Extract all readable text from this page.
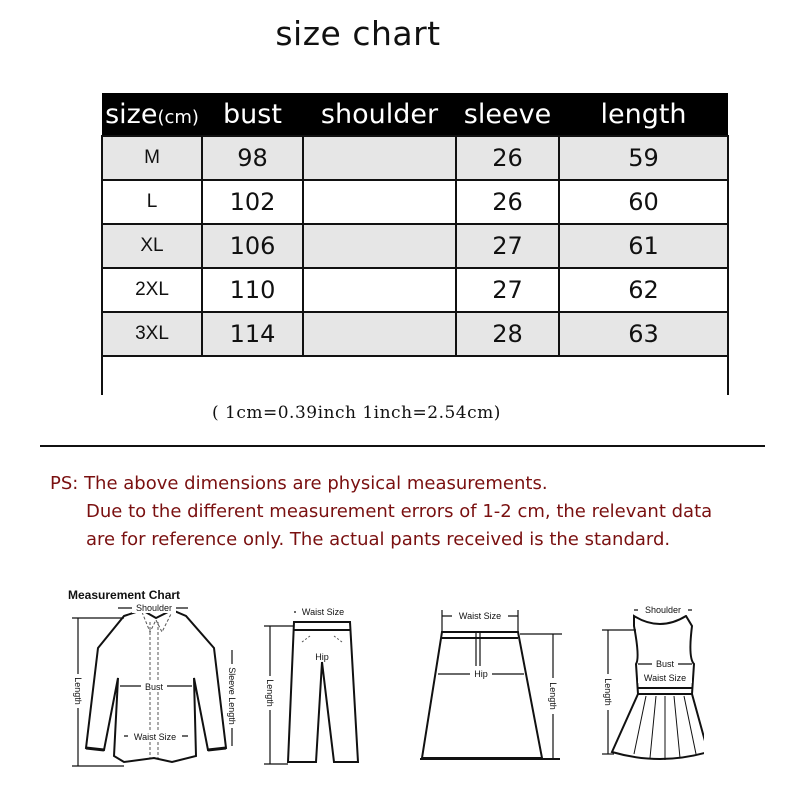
size chart
size(cm)	bust	shoulder	sleeve	length
M	98		26	59
L	102		26	60
XL	106		27	61
2XL	110		27	62
3XL	114		28	63

( 1cm=0.39inch 1inch=2.54cm)
PS: The above dimensions are physical measurements.
Due to the different measurement errors of 1-2 cm, the relevant data
are for reference only. The actual pants received is the standard.
Measurement Chart
Shoulder
Bust
Waist Size
Length	Sleeve Length
Waist Size
Hip
Length
Waist Size
Hip
Length
Shoulder
Bust
Waist Size
Length
